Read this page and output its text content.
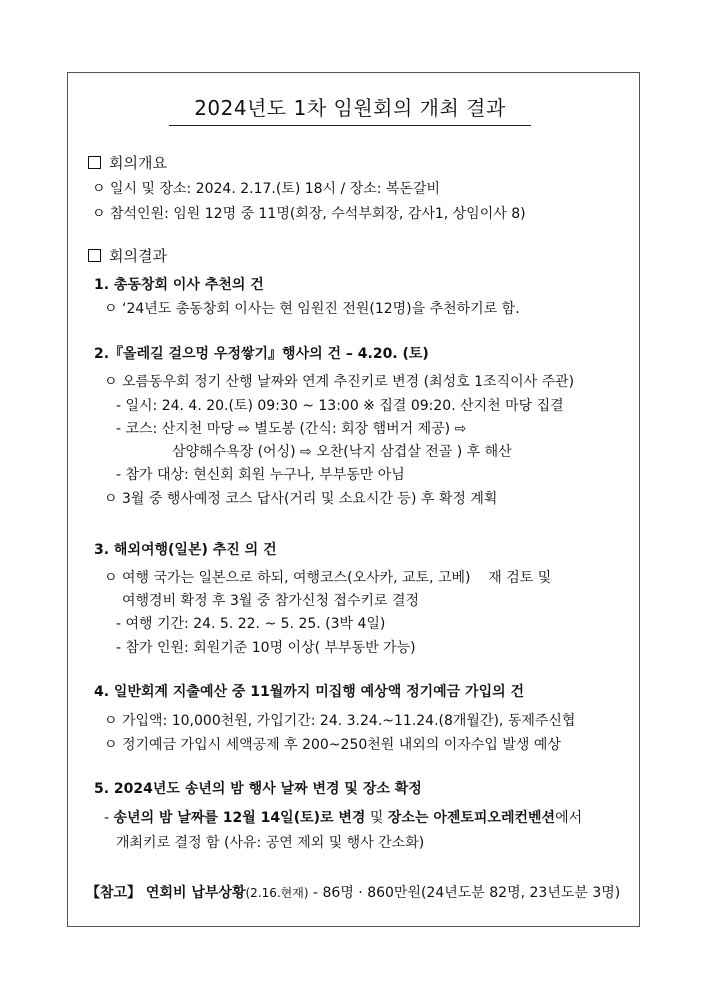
2024년도 1차 임원회의 개최 결과
회의개요
ㅇ 일시 및 장소: 2024. 2.17.(토) 18시 / 장소: 복돈갈비
ㅇ 참석인원: 임원 12명 중 11명(회장, 수석부회장, 감사1, 상임이사 8)
회의결과
1. 총동창회 이사 추천의 건
ㅇ ‘24년도 총동창회 이사는 현 임원진 전원(12명)을 추천하기로 함.
2.『올레길 걸으멍 우정쌓기』행사의 건 – 4.20. (토)
ㅇ 오름동우회 정기 산행 날짜와 연계 추진키로 변경 (최성호 1조직이사 주관)
- 일시: 24. 4. 20.(토) 09:30 ~ 13:00 ※ 집결 09:20. 산지천 마당 집결
- 코스: 산지천 마당 ⇨ 별도봉 (간식: 회장 햄버거 제공) ⇨
삼양해수욕장 (어싱) ⇨ 오찬(낙지 삼겹살 전골 ) 후 해산
- 참가 대상: 현신회 회원 누구나, 부부동만 아님
ㅇ 3월 중 행사예정 코스 답사(거리 및 소요시간 등) 후 확정 계획
3. 해외여행(일본) 추진 의 건
ㅇ 여행 국가는 일본으로 하되, 여행코스(오사카, 교토, 고베)    재 검토 및
여행경비 확정 후 3월 중 참가신청 접수키로 결정
- 여행 기간: 24. 5. 22. ~ 5. 25. (3박 4일)
- 참가 인원: 회원기준 10명 이상( 부부동반 가능)
4. 일반회계 지출예산 중 11월까지 미집행 예상액 정기예금 가입의 건
ㅇ 가입액: 10,000천원, 가입기간: 24. 3.24.~11.24.(8개월간), 동제주신협
ㅇ 정기예금 가입시 세액공제 후 200~250천원 내외의 이자수입 발생 예상
5. 2024년도 송년의 밤 행사 날짜 변경 및 장소 확정
- 송년의 밤 날짜를 12월 14일(토)로 변경 및 장소는 아젠토피오레컨벤션에서
개최키로 결정 함 (사유: 공연 제외 및 행사 간소화)
【참고】 연회비 납부상황(2.16.현재) - 86명 · 860만원(24년도분 82명, 23년도분 3명)
